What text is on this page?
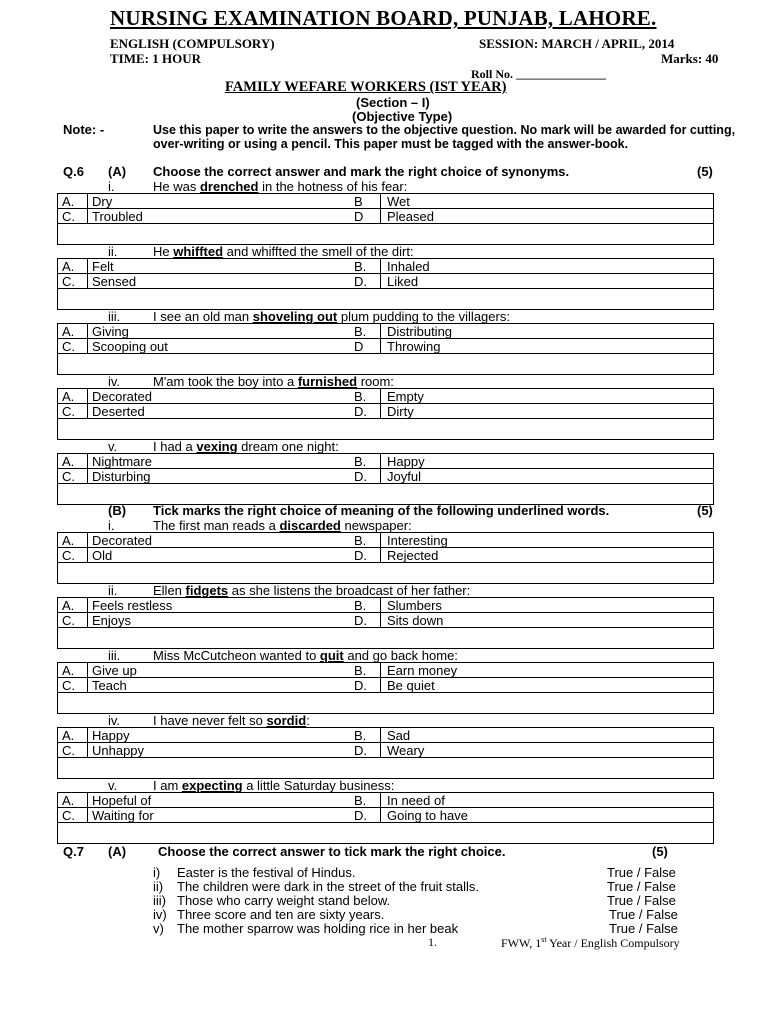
NURSING EXAMINATION BOARD, PUNJAB, LAHORE.
ENGLISH (COMPULSORY)	SESSION: MARCH / APRIL, 2014
TIME: 1 HOUR	Marks: 40
Roll No. _______________
FAMILY WEFARE WORKERS (IST YEAR)
(Section – I)
(Objective Type)
Note: -	Use this paper to write the answers to the objective question. No mark will be awarded for cutting, over-writing or using a pencil. This paper must be tagged with the answer-book.
Q.6 (A) Choose the correct answer and mark the right choice of synonyms.	(5)
(B) Tick marks the right choice of meaning of the following underlined words.	(5)
i.	He was drenched in the hotness of his fear:
A. Dry	B Wet
C. Troubled	D Pleased
ii.	He whiffted and whiffted the smell of the dirt:
A. Felt	B. Inhaled
C. Sensed	D. Liked
iii.	I see an old man shoveling out plum pudding to the villagers:
A. Giving	B. Distributing
C. Scooping out	D Throwing
iv.	M'am took the boy into a furnished room:
A. Decorated	B. Empty
C. Deserted	D. Dirty
v.	I had a vexing dream one night:
A. Nightmare	B. Happy
C. Disturbing	D. Joyful
i.	The first man reads a discarded newspaper:
A. Decorated	B. Interesting
C. Old	D. Rejected
ii.	Ellen fidgets as she listens the broadcast of her father:
A. Feels restless	B. Slumbers
C. Enjoys	D. Sits down
iii.	Miss McCutcheon wanted to quit and go back home:
A. Give up	B. Earn money
C. Teach	D. Be quiet
iv.	I have never felt so sordid:
A. Happy	B. Sad
C. Unhappy	D. Weary
v.	I am expecting a little Saturday business:
A. Hopeful of	B. In need of
C. Waiting for	D. Going to have
Q.7 (A) Choose the correct answer to tick mark the right choice.	(5)
i) Easter is the festival of Hindus.	True / False
ii) The children were dark in the street of the fruit stalls.	True / False
iii) Those who carry weight stand below.	True / False
iv) Three score and ten are sixty years.	True / False
v) The mother sparrow was holding rice in her beak	True / False
1.	FWW, 1st Year / English Compulsory
